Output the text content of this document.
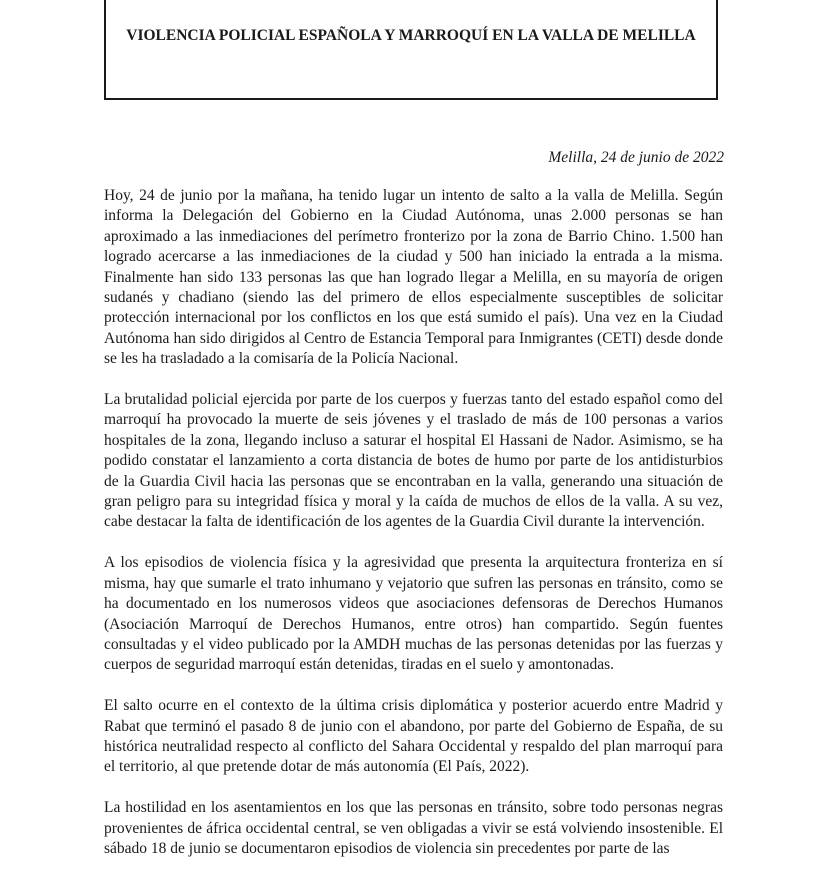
VIOLENCIA POLICIAL ESPAÑOLA Y MARROQUÍ EN LA VALLA DE MELILLA
Melilla, 24 de junio de 2022

Hoy, 24 de junio por la mañana, ha tenido lugar un intento de salto a la valla de Melilla. Según informa la Delegación del Gobierno en la Ciudad Autónoma, unas 2.000 personas se han aproximado a las inmediaciones del perímetro fronterizo por la zona de Barrio Chino. 1.500 han logrado acercarse a las inmediaciones de la ciudad y 500 han iniciado la entrada a la misma. Finalmente han sido 133 personas las que han logrado llegar a Melilla, en su mayoría de origen sudanés y chadiano (siendo las del primero de ellos especialmente susceptibles de solicitar protección internacional por los conflictos en los que está sumido el país). Una vez en la Ciudad Autónoma han sido dirigidos al Centro de Estancia Temporal para Inmigrantes (CETI) desde donde se les ha trasladado a la comisaría de la Policía Nacional.

La brutalidad policial ejercida por parte de los cuerpos y fuerzas tanto del estado español como del marroquí ha provocado la muerte de seis jóvenes y el traslado de más de 100 personas a varios hospitales de la zona, llegando incluso a saturar el hospital El Hassani de Nador. Asimismo, se ha podido constatar el lanzamiento a corta distancia de botes de humo por parte de los antidisturbios de la Guardia Civil hacia las personas que se encontraban en la valla, generando una situación de gran peligro para su integridad física y moral y la caída de muchos de ellos de la valla. A su vez, cabe destacar la falta de identificación de los agentes de la Guardia Civil durante la intervención.

A los episodios de violencia física y la agresividad que presenta la arquitectura fronteriza en sí misma, hay que sumarle el trato inhumano y vejatorio que sufren las personas en tránsito, como se ha documentado en los numerosos videos que asociaciones defensoras de Derechos Humanos (Asociación Marroquí de Derechos Humanos, entre otros) han compartido. Según fuentes consultadas y el video publicado por la AMDH muchas de las personas detenidas por las fuerzas y cuerpos de seguridad marroquí están detenidas, tiradas en el suelo y amontonadas.

El salto ocurre en el contexto de la última crisis diplomática y posterior acuerdo entre Madrid y Rabat que terminó el pasado 8 de junio con el abandono, por parte del Gobierno de España, de su histórica neutralidad respecto al conflicto del Sahara Occidental y respaldo del plan marroquí para el territorio, al que pretende dotar de más autonomía (El País, 2022).

La hostilidad en los asentamientos en los que las personas en tránsito, sobre todo personas negras provenientes de áfrica occidental central, se ven obligadas a vivir se está volviendo insostenible. El sábado 18 de junio se documentaron episodios de violencia sin precedentes por parte de las
